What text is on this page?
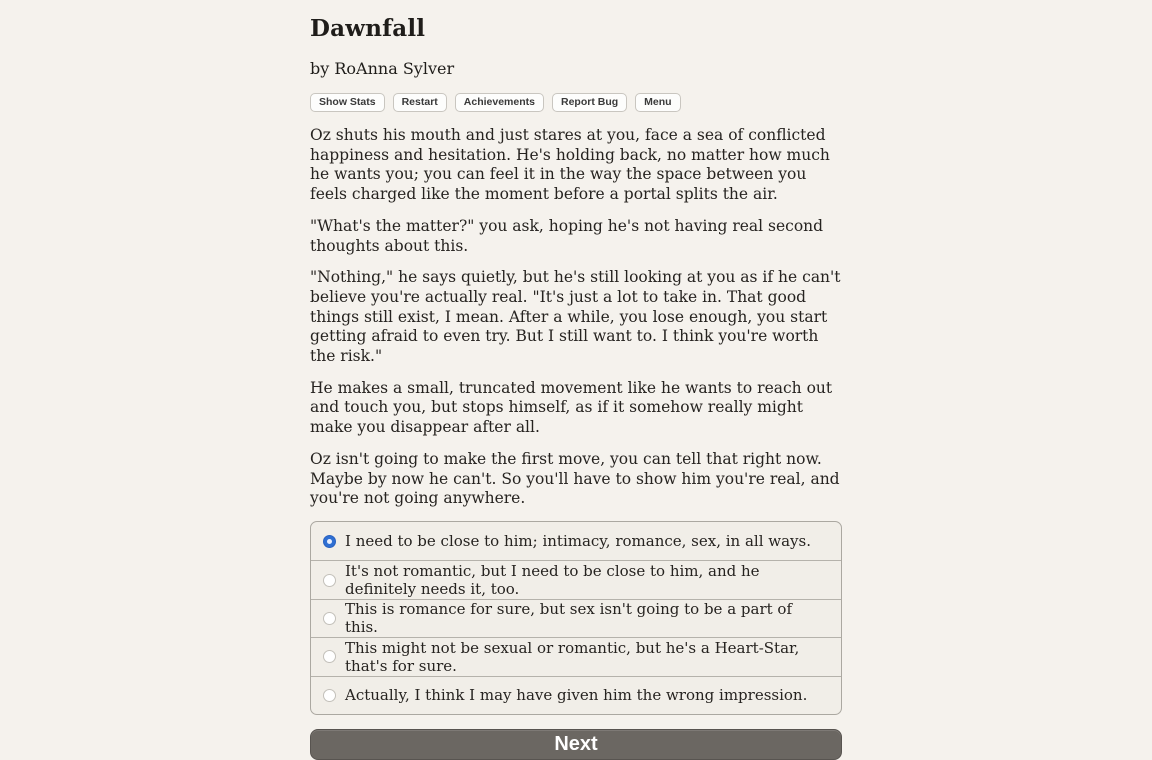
Dawnfall
by RoAnna Sylver
Show Stats	Restart	Achievements	Report Bug	Menu

Oz shuts his mouth and just stares at you, face a sea of conflicted happiness and hesitation. He's holding back, no matter how much he wants you; you can feel it in the way the space between you feels charged like the moment before a portal splits the air.

"What's the matter?" you ask, hoping he's not having real second thoughts about this.

"Nothing," he says quietly, but he's still looking at you as if he can't believe you're actually real. "It's just a lot to take in. That good things still exist, I mean. After a while, you lose enough, you start getting afraid to even try. But I still want to. I think you're worth the risk."

He makes a small, truncated movement like he wants to reach out and touch you, but stops himself, as if it somehow really might make you disappear after all.

Oz isn't going to make the first move, you can tell that right now. Maybe by now he can't. So you'll have to show him you're real, and you're not going anywhere.

I need to be close to him; intimacy, romance, sex, in all ways.
It's not romantic, but I need to be close to him, and he definitely needs it, too.
This is romance for sure, but sex isn't going to be a part of this.
This might not be sexual or romantic, but he's a Heart-Star, that's for sure.
Actually, I think I may have given him the wrong impression.
Next
